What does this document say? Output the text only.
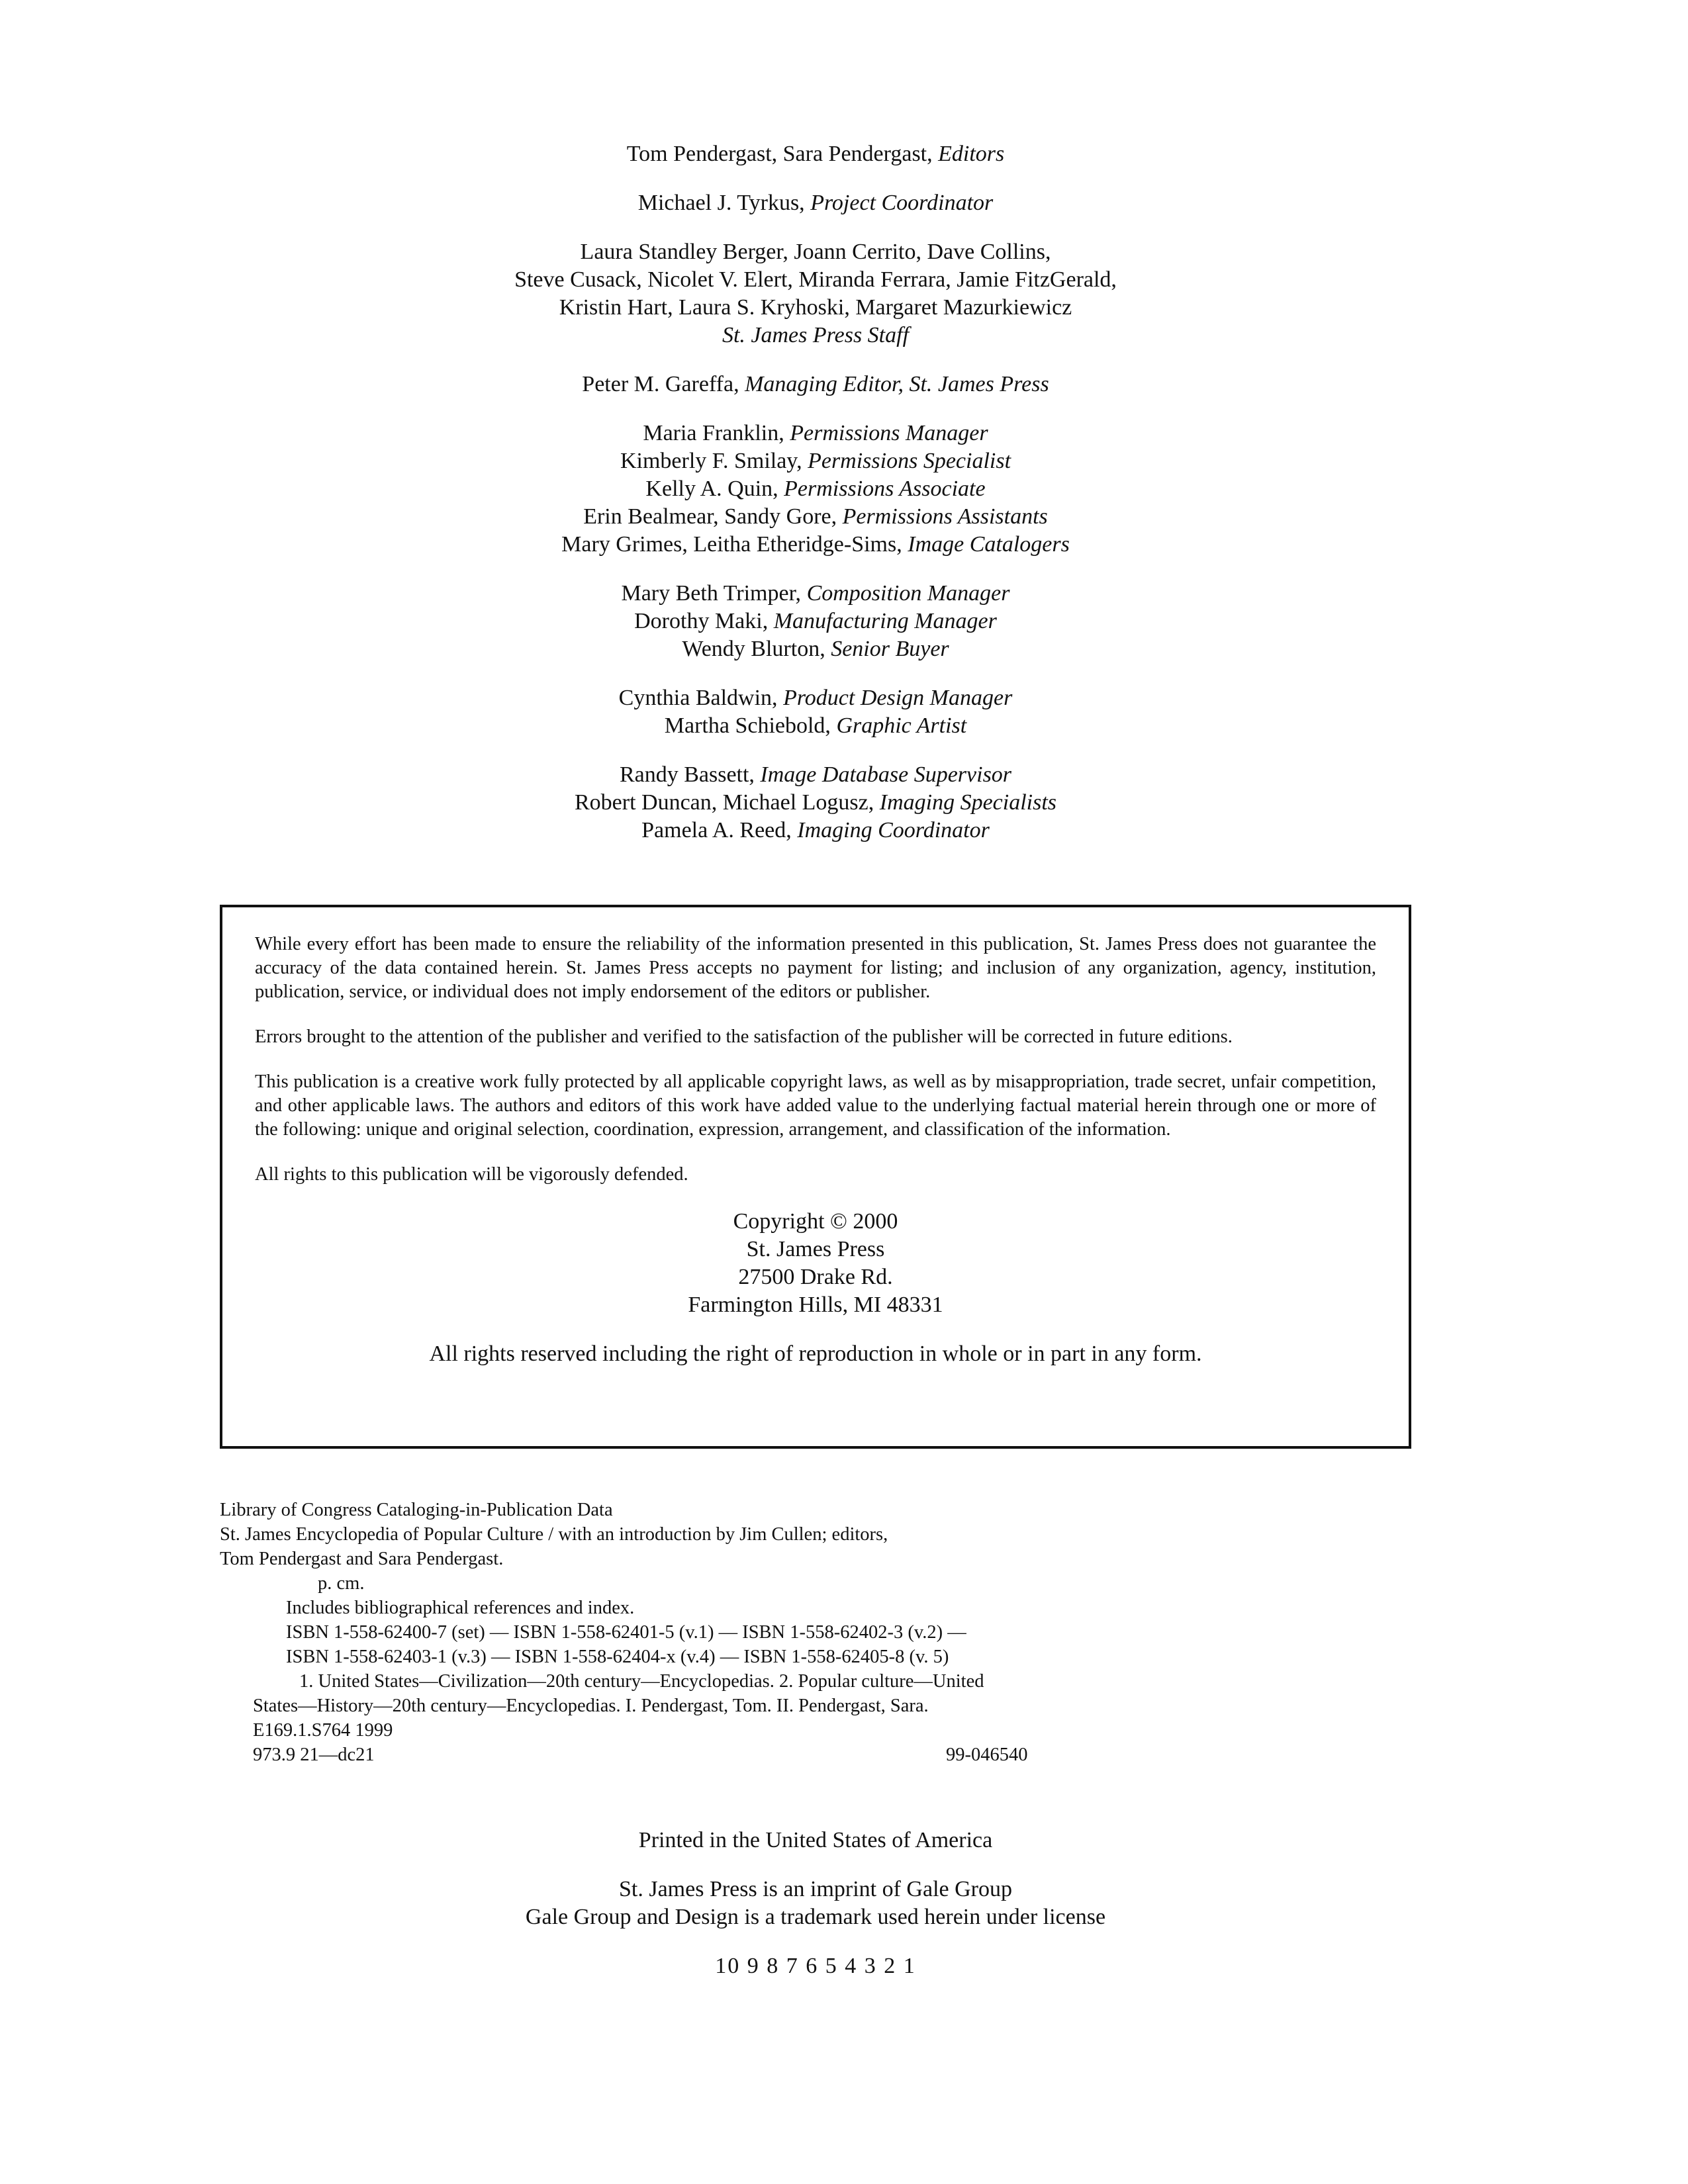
Tom Pendergast, Sara Pendergast, Editors
Michael J. Tyrkus, Project Coordinator
Laura Standley Berger, Joann Cerrito, Dave Collins,
Steve Cusack, Nicolet V. Elert, Miranda Ferrara, Jamie FitzGerald,
Kristin Hart, Laura S. Kryhoski, Margaret Mazurkiewicz
St. James Press Staff
Peter M. Gareffa, Managing Editor, St. James Press
Maria Franklin, Permissions Manager
Kimberly F. Smilay, Permissions Specialist
Kelly A. Quin, Permissions Associate
Erin Bealmear, Sandy Gore, Permissions Assistants
Mary Grimes, Leitha Etheridge-Sims, Image Catalogers
Mary Beth Trimper, Composition Manager
Dorothy Maki, Manufacturing Manager
Wendy Blurton, Senior Buyer
Cynthia Baldwin, Product Design Manager
Martha Schiebold, Graphic Artist
Randy Bassett, Image Database Supervisor
Robert Duncan, Michael Logusz, Imaging Specialists
Pamela A. Reed, Imaging Coordinator

While every effort has been made to ensure the reliability of the information presented in this publication, St. James Press does not guarantee the accuracy of the data contained herein. St. James Press accepts no payment for listing; and inclusion of any organization, agency, institution, publication, service, or individual does not imply endorsement of the editors or publisher.

Errors brought to the attention of the publisher and verified to the satisfaction of the publisher will be corrected in future editions.

This publication is a creative work fully protected by all applicable copyright laws, as well as by misappropriation, trade secret, unfair competition, and other applicable laws. The authors and editors of this work have added value to the underlying factual material herein through one or more of the following: unique and original selection, coordination, expression, arrangement, and classification of the information.

All rights to this publication will be vigorously defended.

Copyright © 2000
St. James Press
27500 Drake Rd.
Farmington Hills, MI 48331
All rights reserved including the right of reproduction in whole or in part in any form.
Library of Congress Cataloging-in-Publication Data
St. James Encyclopedia of Popular Culture / with an introduction by Jim Cullen; editors,
Tom Pendergast and Sara Pendergast.
p. cm.
Includes bibliographical references and index.
ISBN 1-558-62400-7 (set) — ISBN 1-558-62401-5 (v.1) — ISBN 1-558-62402-3 (v.2) —
ISBN 1-558-62403-1 (v.3) — ISBN 1-558-62404-x (v.4) — ISBN 1-558-62405-8 (v. 5)
1. United States—Civilization—20th century—Encyclopedias. 2. Popular culture—United
States—History—20th century—Encyclopedias. I. Pendergast, Tom. II. Pendergast, Sara.
E169.1.S764 1999
973.9 21—dc21	99-046540
Printed in the United States of America
St. James Press is an imprint of Gale Group
Gale Group and Design is a trademark used herein under license
10 9 8 7 6 5 4 3 2 1
